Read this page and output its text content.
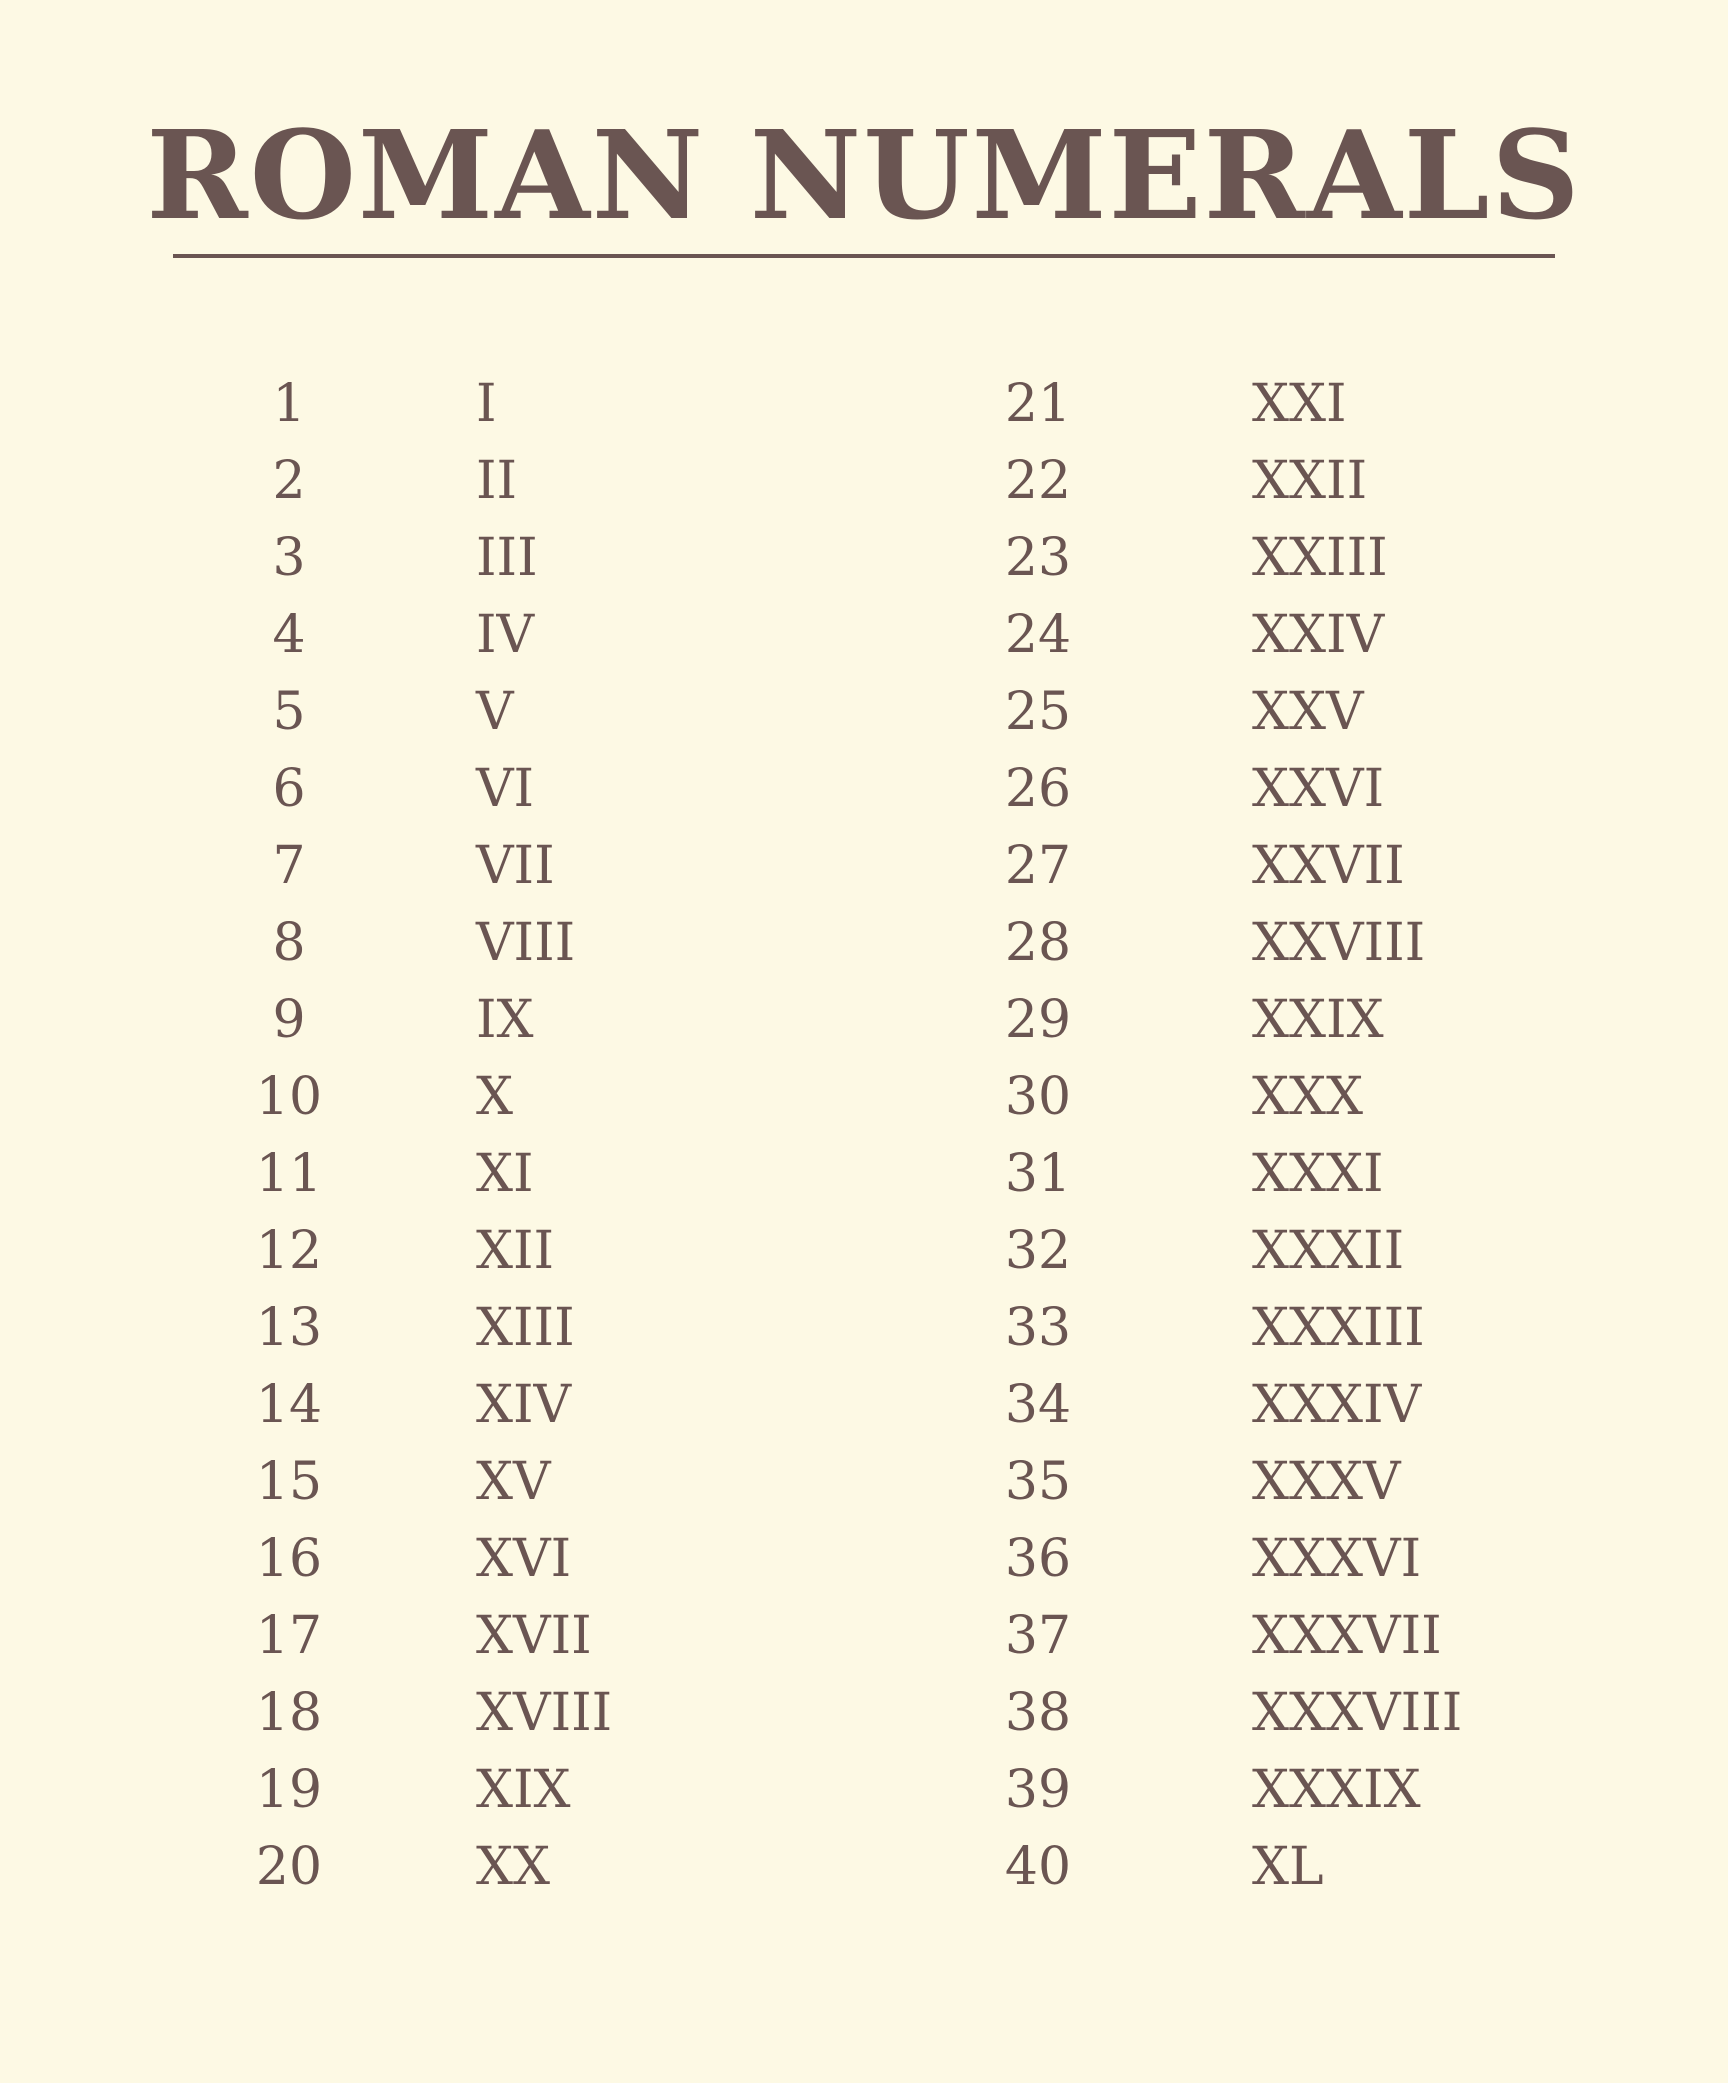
ROMAN NUMERALS
1	I
2	II
3	III
4	IV
5	V
6	VI
7	VII
8	VIII
9	IX
10	X
11	XI
12	XII
13	XIII
14	XIV
15	XV
16	XVI
17	XVII
18	XVIII
19	XIX
20	XX
21	XXI
22	XXII
23	XXIII
24	XXIV
25	XXV
26	XXVI
27	XXVII
28	XXVIII
29	XXIX
30	XXX
31	XXXI
32	XXXII
33	XXXIII
34	XXXIV
35	XXXV
36	XXXVI
37	XXXVII
38	XXXVIII
39	XXXIX
40	XL
